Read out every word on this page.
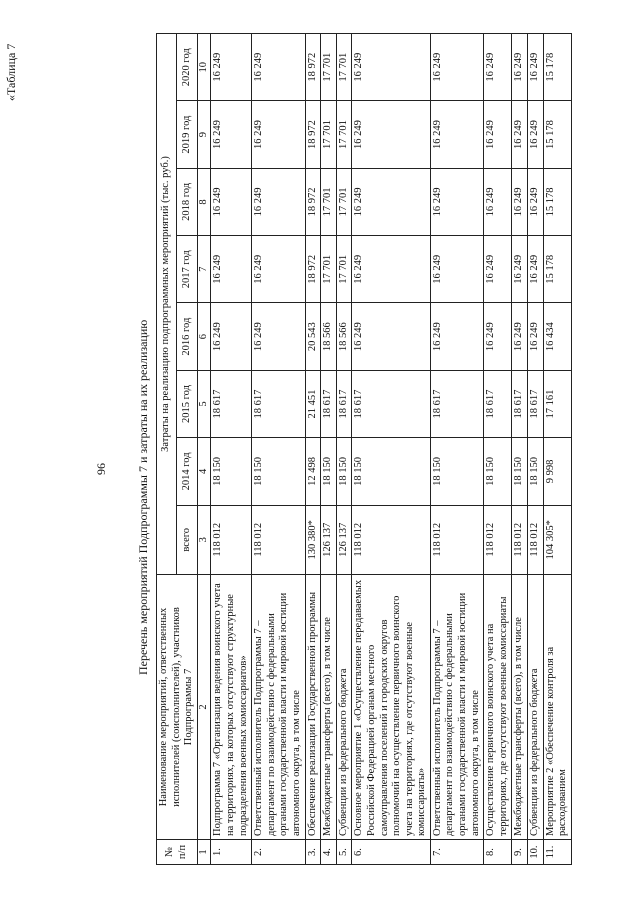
96
«Таблица 7
Перечень мероприятий Подпрограммы 7 и затраты на их реализацию
№ п/п	Наименование мероприятий, ответственных исполнителей (соисполнителей), участников Подпрограммы 7	Затраты на реализацию подпрограммных мероприятий (тыс. руб.)							
		всего	2014 год	2015 год	2016 год	2017 год	2018 год	2019 год	2020 год
1	2	3	4	5	6	7	8	9	10
1.	Подпрограмма 7 «Организация ведения воинского учета на территориях, на которых отсутствуют структурные подразделения военных комиссариатов»	118 012	18 150	18 617	16 249	16 249	16 249	16 249	16 249
2.	Ответственный исполнитель Подпрограммы 7 – департамент по взаимодействию с федеральными органами государственной власти и мировой юстиции автономного округа, в том числе	118 012	18 150	18 617	16 249	16 249	16 249	16 249	16 249
3.	Обеспечение реализации Государственной программы	130 380*	12 498	21 451	20 543	18 972	18 972	18 972	18 972
4.	Межбюджетные трансферты (всего), в том числе	126 137	18 150	18 617	18 566	17 701	17 701	17 701	17 701
5.	Субвенции из федерального бюджета	126 137	18 150	18 617	18 566	17 701	17 701	17 701	17 701
6.	Основное мероприятие 1 «Осуществление передаваемых Российской Федерацией органам местного самоуправления поселений и городских округов полномочий на осуществление первичного воинского учета на территориях, где отсутствуют военные комиссариаты»	118 012	18 150	18 617	16 249	16 249	16 249	16 249	16 249
7.	Ответственный исполнитель Подпрограммы 7 – департамент по взаимодействию с федеральными органами государственной власти и мировой юстиции автономного округа, в том числе	118 012	18 150	18 617	16 249	16 249	16 249	16 249	16 249
8.	Осуществление первичного воинского учета на территориях, где отсутствуют военные комиссариаты	118 012	18 150	18 617	16 249	16 249	16 249	16 249	16 249
9.	Межбюджетные трансферты (всего), в том числе	118 012	18 150	18 617	16 249	16 249	16 249	16 249	16 249
10.	Субвенции из федерального бюджета	118 012	18 150	18 617	16 249	16 249	16 249	16 249	16 249
11.	Мероприятие 2 «Обеспечение контроля за расходованием	104 305*	9 998	17 161	16 434	15 178	15 178	15 178	15 178
